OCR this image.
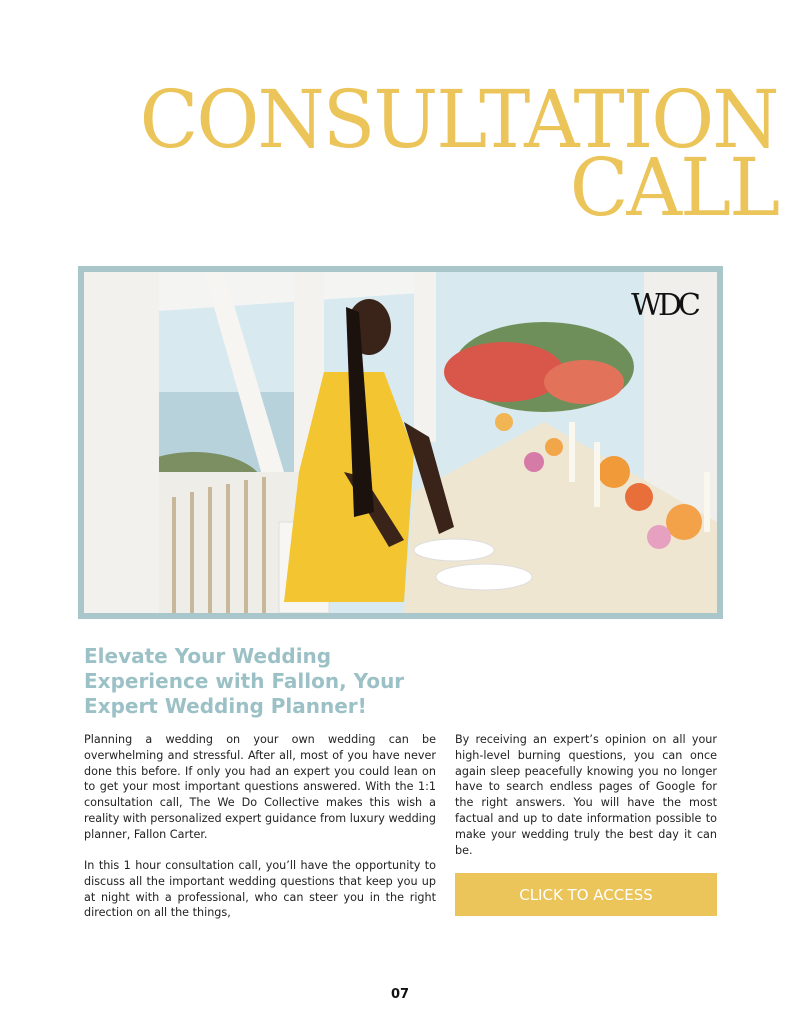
CONSULTATION
CALL
WDC
Elevate Your Wedding Experience with Fallon, Your Expert Wedding Planner!

Planning a wedding on your own wedding can be overwhelming and stressful. After all, most of you have never done this before. If only you had an expert you could lean on to get your most important questions answered. With the 1:1 consultation call, The We Do Collective makes this wish a reality with personalized expert guidance from luxury wedding planner, Fallon Carter.

In this 1 hour consultation call, you’ll have the opportunity to discuss all the important wedding questions that keep you up at night with a professional, who can steer you in the right direction on all the things,

By receiving an expert’s opinion on all your high-level burning questions, you can once again sleep peacefully knowing you no longer have to search endless pages of Google for the right answers. You will have the most factual and up to date information possible to make your wedding truly the best day it can be.

CLICK TO ACCESS
07
